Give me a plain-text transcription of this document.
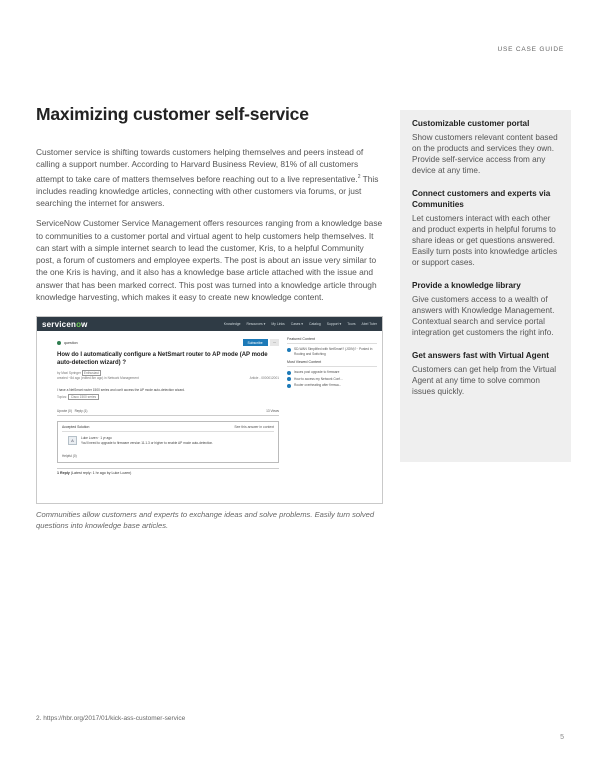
USE CASE GUIDE
Maximizing customer self-service

Customer service is shifting towards customers helping themselves and peers instead of calling a support number. According to Harvard Business Review, 81% of all customers attempt to take care of matters themselves before reaching out to a live representative.$^2$ This includes reading knowledge articles, connecting with other customers via forums, or just searching the internet for answers.

ServiceNow Customer Service Management offers resources ranging from a knowledge base to communities to a customer portal and virtual agent to help customers help themselves. It can start with a simple internet search to lead the customer, Kris, to a helpful Community post, a forum of customers and employee experts. The post is about an issue very similar to the one Kris is having, and it also has a knowledge base article attached with the issue and answer that has been marked correct. This post was turned into a knowledge article through knowledge harvesting, which makes it easy to create new knowledge content.

Customizable customer portal
Show customers relevant content based on the products and services they own. Provide self-service access from any device at any time.
Connect customers and experts via Communities
Let customers interact with each other and product experts in helpful forums to share ideas or get questions answered. Easily turn posts into knowledge articles or support cases.
Provide a knowledge library
Give customers access to a wealth of answers with Knowledge Management. Contextual search and service portal integration get customers the right info.
Get answers fast with Virtual Agent
Customers can get help from the Virtual Agent at any time to solve common issues quickly.
servicenow	Knowledge Resources ▾ My Links Cases ▾ Catalog Support ▾ Tours Abel Tuter
question	Subscribe	···
How do I automatically configure a NetSmart router to AP mode (AP mode auto-detection wizard) ?
by Maxi Springer Enthusiast
created ~8d ago (edited 8m ago) in Network Management	Article - 0000012001
I have a NetSmart router 1500 series and can't access the AP mode auto-detection wizard.
Topics: Cisco 1500 series
Upvote (0) Reply (1)	13 Views
Accepted Solution	See this answer in context
A	Luke Lozen · 1 yr ago
You'll need to upgrade to firmware version 11.1.3 or higher to enable AP mode auto-detection.
Helpful (0)
1 Reply (Latest reply: 1 hr ago by Luke Lozen)
Featured Content
SD-WAN Simplified with NetSmart? (JOIN)? · Posted in Routing and Switching
Most Viewed Content
Issues post upgrade to firmware
How to access my Network Conf...
Router overheating after firmwa...
Communities allow customers and experts to exchange ideas and solve problems. Easily turn solved questions into knowledge base articles.
2. https://hbr.org/2017/01/kick-ass-customer-service
5
